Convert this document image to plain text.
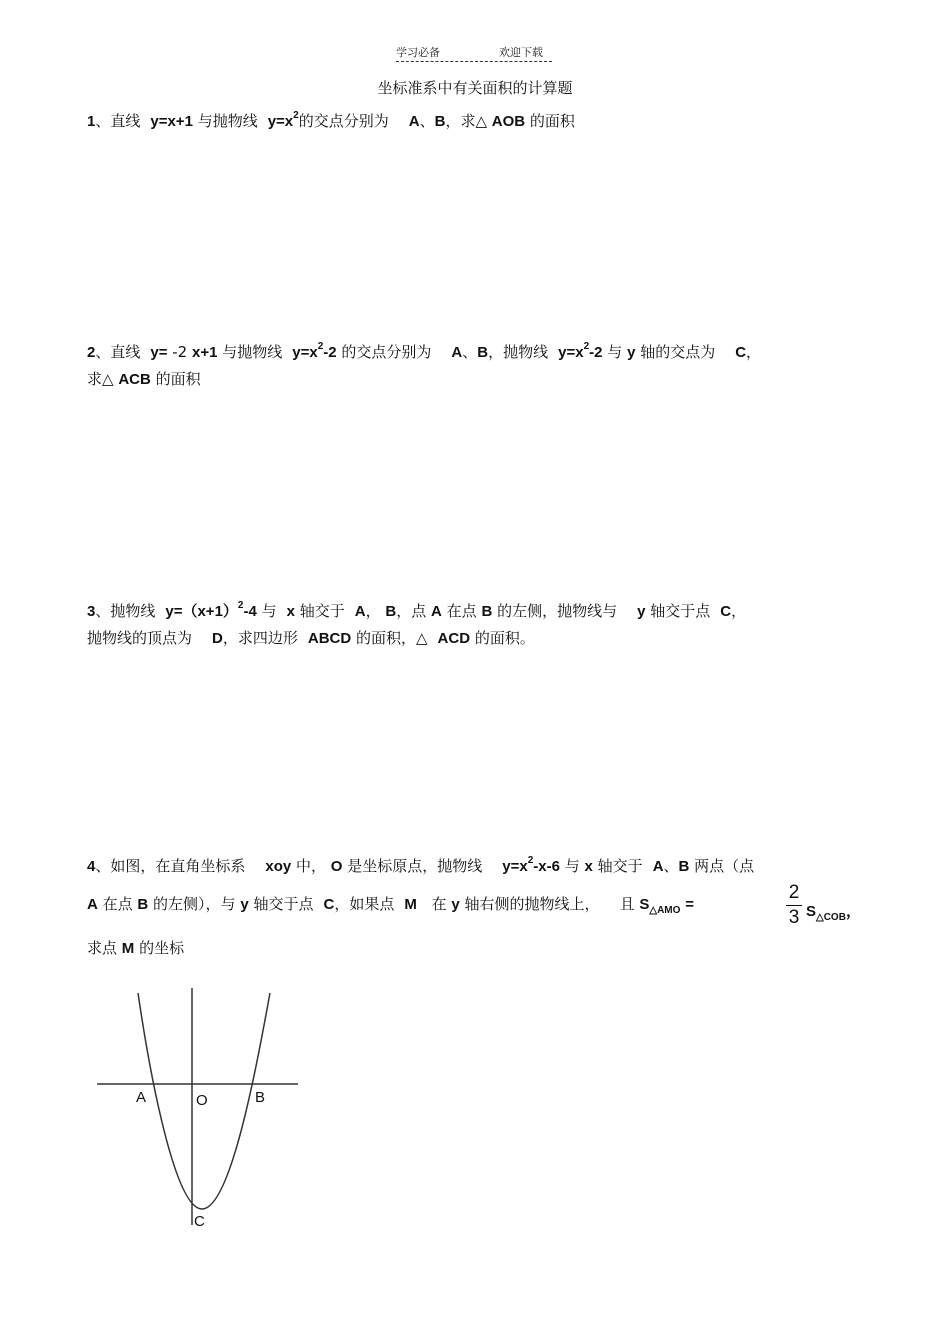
学习必备	欢迎下载
坐标准系中有关面积的计算题
1、直线 y=x+1 与抛物线 $y=x^2$的交点分别为 A、B，求△ AOB 的面积
2、直线 y= -2 x+1 与抛物线 $y=x^2-2$ 的交点分别为 A、B，抛物线 $y=x^2-2$ 与 y 轴的交点为 C，
求△ ACB 的面积
3、抛物线 $y=(x+1)^2-4$ 与 x 轴交于 A， B，点 A 在点 B 的左侧，抛物线与 y 轴交于点 C，
抛物线的顶点为 D，求四边形 ABCD 的面积，△ ACD 的面积。
4、如图，在直角坐标系 xoy 中， O 是坐标原点，抛物线 $y=x^2-x-6$ 与 x 轴交于 A、B 两点（点
A 在点 B 的左侧），与 y 轴交于点 C，如果点 M 在 y 轴右侧的抛物线上， 且 $S_{\triangle AMO}$ =
2
3 $S_{\triangle COB}$，
求点 M 的坐标
A	O	B
C
